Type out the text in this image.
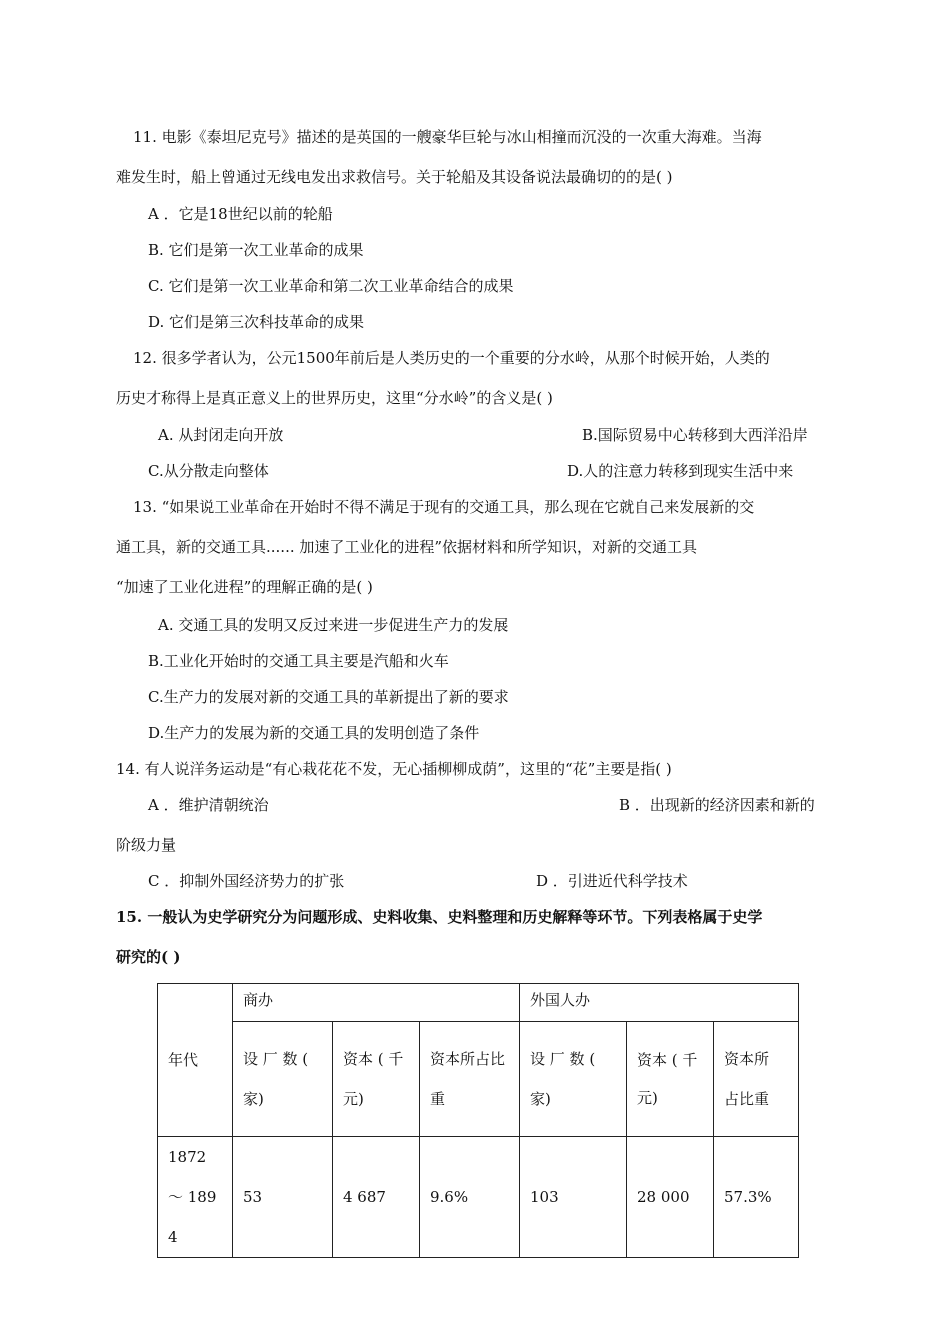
11. 电影《泰坦尼克号》描述的是英国的一艘豪华巨轮与冰山相撞而沉没的一次重大海难。当海
难发生时，船上曾通过无线电发出求救信号。关于轮船及其设备说法最确切的的是( )
A ．它是18世纪以前的轮船
B. 它们是第一次工业革命的成果
C. 它们是第一次工业革命和第二次工业革命结合的成果
D. 它们是第三次科技革命的成果
12. 很多学者认为，公元1500年前后是人类历史的一个重要的分水岭，从那个时候开始，人类的
历史才称得上是真正意义上的世界历史，这里“分水岭”的含义是( )
A. 从封闭走向开放	B.国际贸易中心转移到大西洋沿岸
C.从分散走向整体	D.人的注意力转移到现实生活中来
13. “如果说工业革命在开始时不得不满足于现有的交通工具，那么现在它就自己来发展新的交
通工具，新的交通工具...... 加速了工业化的进程”依据材料和所学知识，对新的交通工具
“加速了工业化进程”的理解正确的是( )
A. 交通工具的发明又反过来进一步促进生产力的发展
B.工业化开始时的交通工具主要是汽船和火车
C.生产力的发展对新的交通工具的革新提出了新的要求
D.生产力的发展为新的交通工具的发明创造了条件
14. 有人说洋务运动是“有心栽花花不发，无心插柳柳成荫”，这里的“花”主要是指( )
A ．维护清朝统治	B ．出现新的经济因素和新的
阶级力量
C ．抑制外国经济势力的扩张	D ．引进近代科学技术
15. 一般认为史学研究分为问题形成、史料收集、史料整理和历史解释等环节。下列表格属于史学
研究的( )
年代	商办			外国人办		
	设 厂 数 ( 家)	资本 ( 千元)	资本所占比重	设 厂 数 ( 家)	资本 ( 千 元)	资本所 占比重
1872 ～ 1894	53	4 687	9.6%	103	28 000	57.3%
